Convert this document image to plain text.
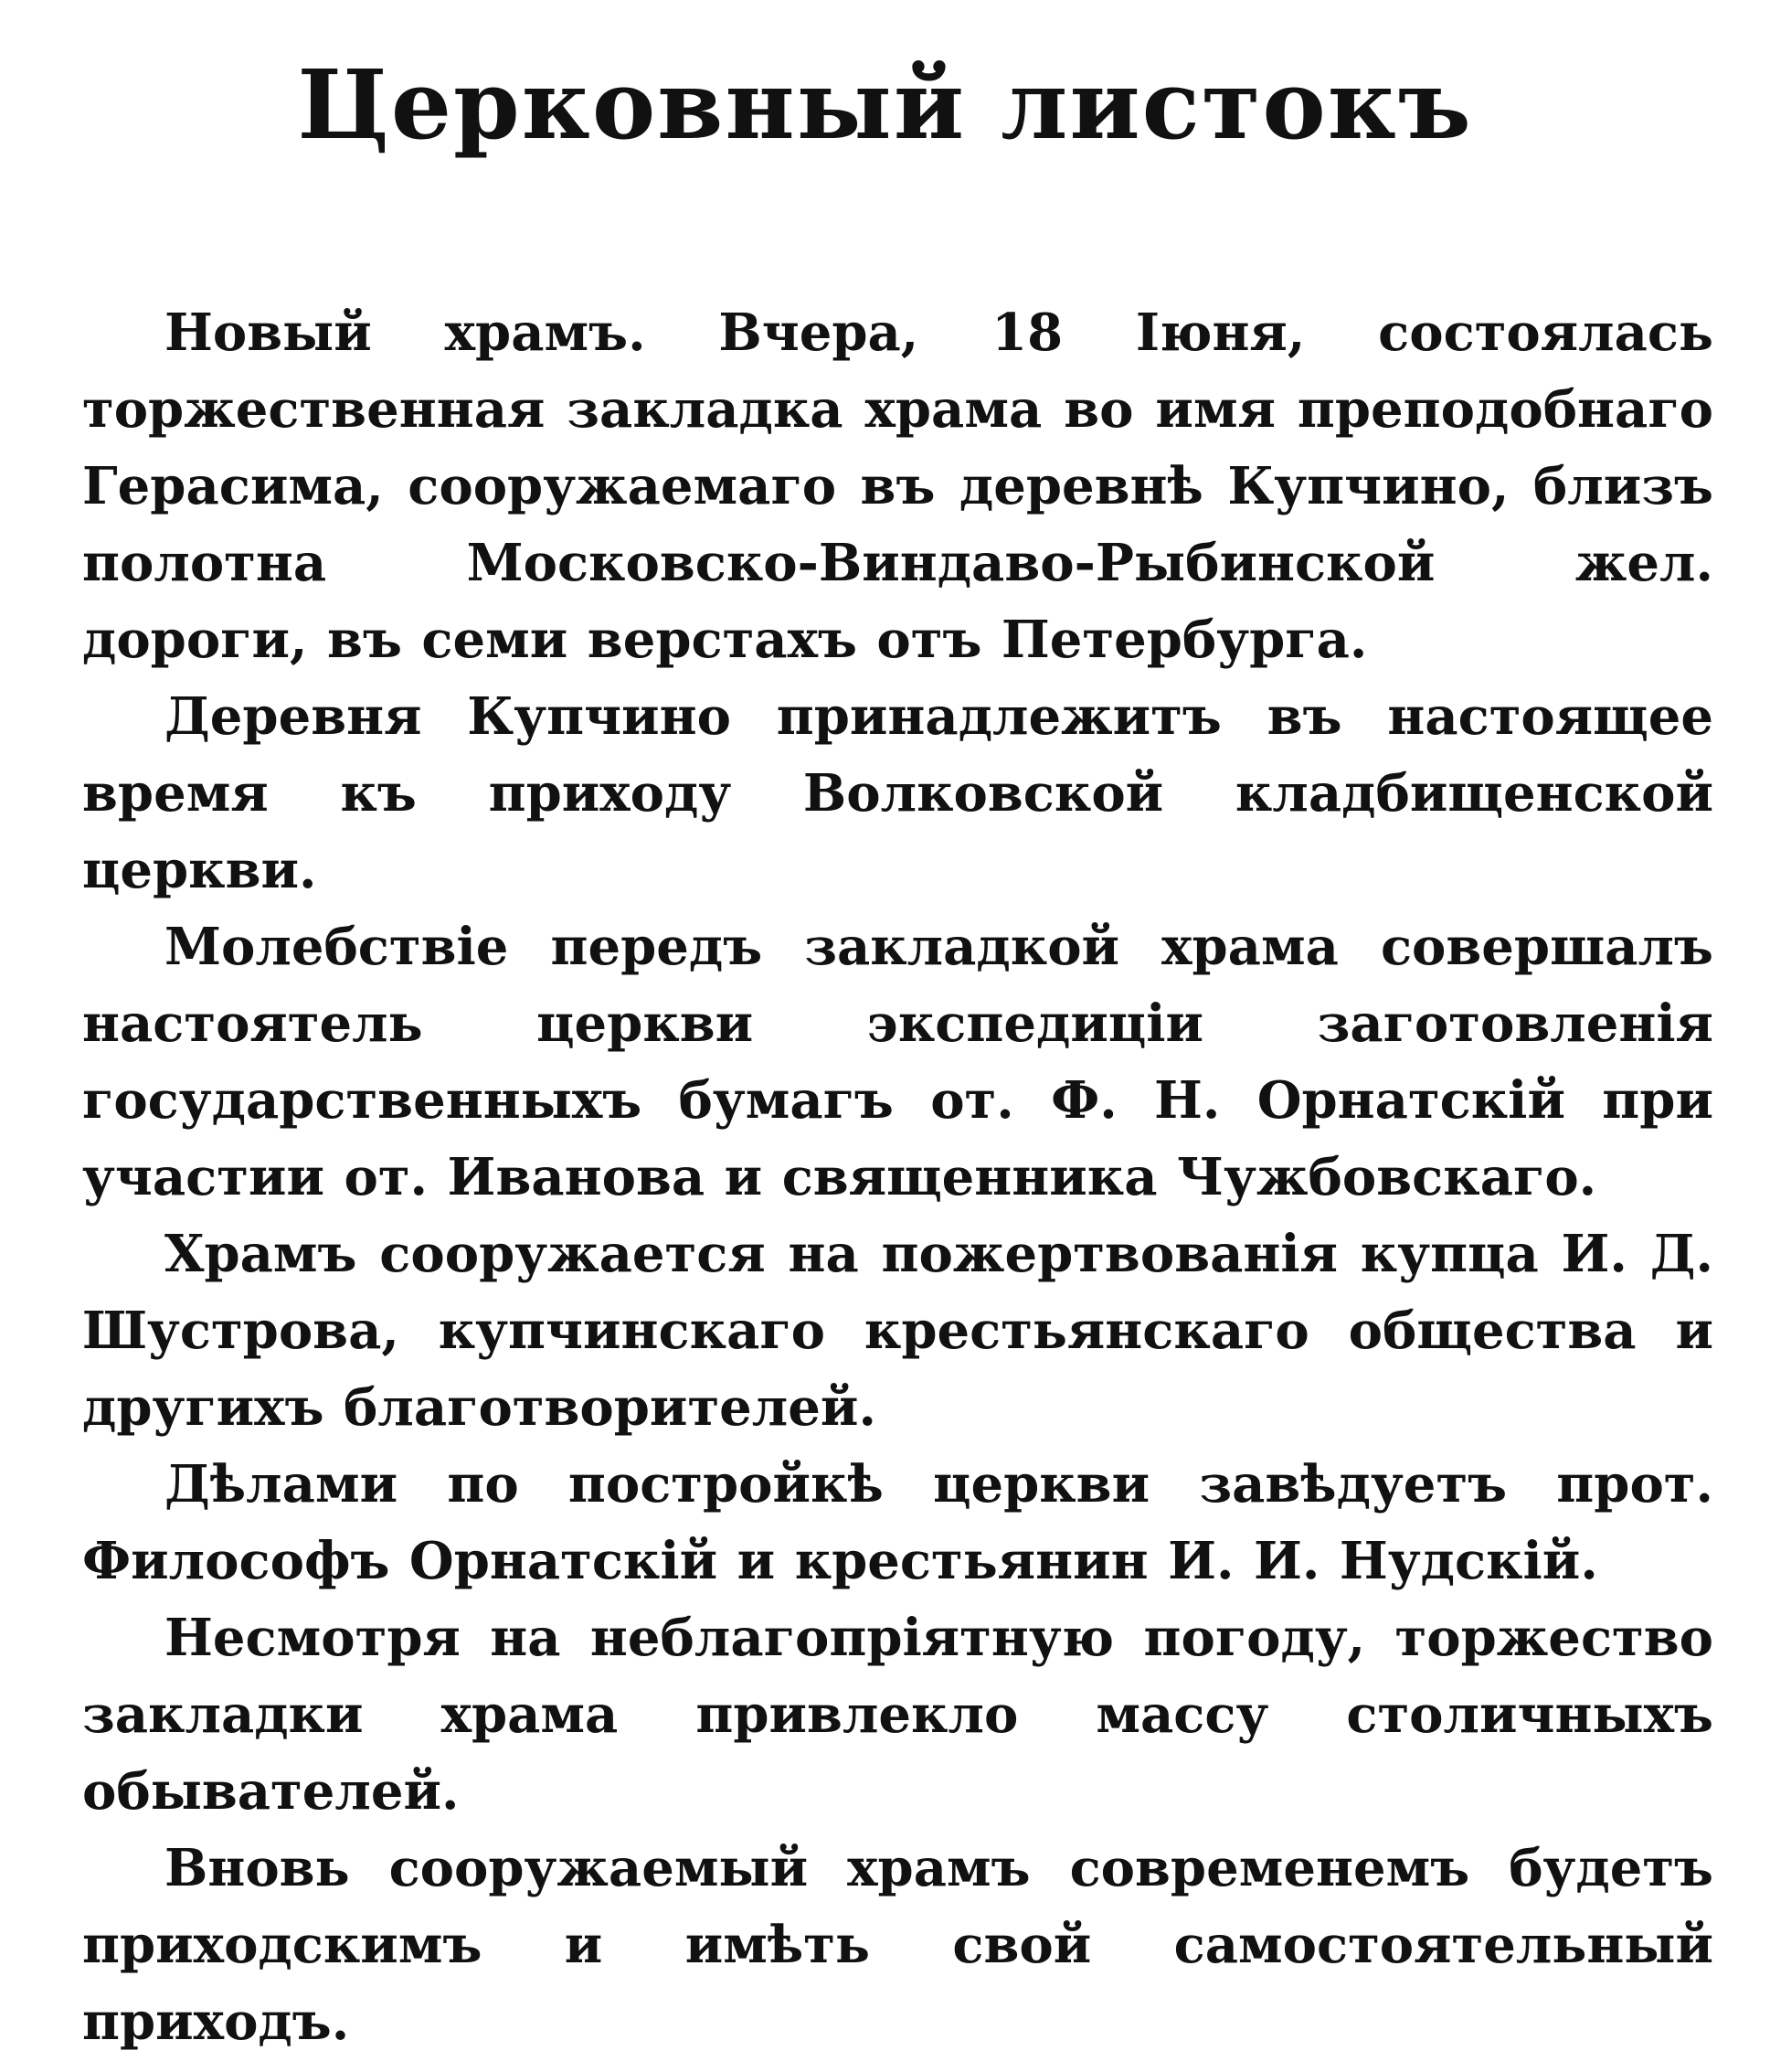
Церковный листокъ

Новый храмъ. Вчера, 18 Іюня, состоялась торжественная закладка храма во имя преподобнаго Герасима, сооружаемаго въ деревнѣ Купчино, близъ полотна Московско-Виндаво-Рыбинской жел. дороги, въ семи верстахъ отъ Петербурга.

Деревня Купчино принадлежитъ въ настоящее время къ приходу Волковской кладбищенской церкви.

Молебствіе передъ закладкой храма совершалъ настоятель церкви экспедиціи заготовленія государственныхъ бумагъ от. Ф. Н. Орнатскій при участии от. Иванова и священника Чужбовскаго.

Храмъ сооружается на пожертвованія купца И. Д. Шустрова, купчинскаго крестьянскаго общества и другихъ благотворителей.

Дѣлами по постройкѣ церкви завѣдуетъ прот. Философъ Орнатскій и крестьянин И. И. Нудскій.

Несмотря на неблагопріятную погоду, торжество закладки храма привлекло массу столичныхъ обывателей.

Вновь сооружаемый храмъ современемъ будетъ приходскимъ и имѣть свой самостоятельный приходъ.
